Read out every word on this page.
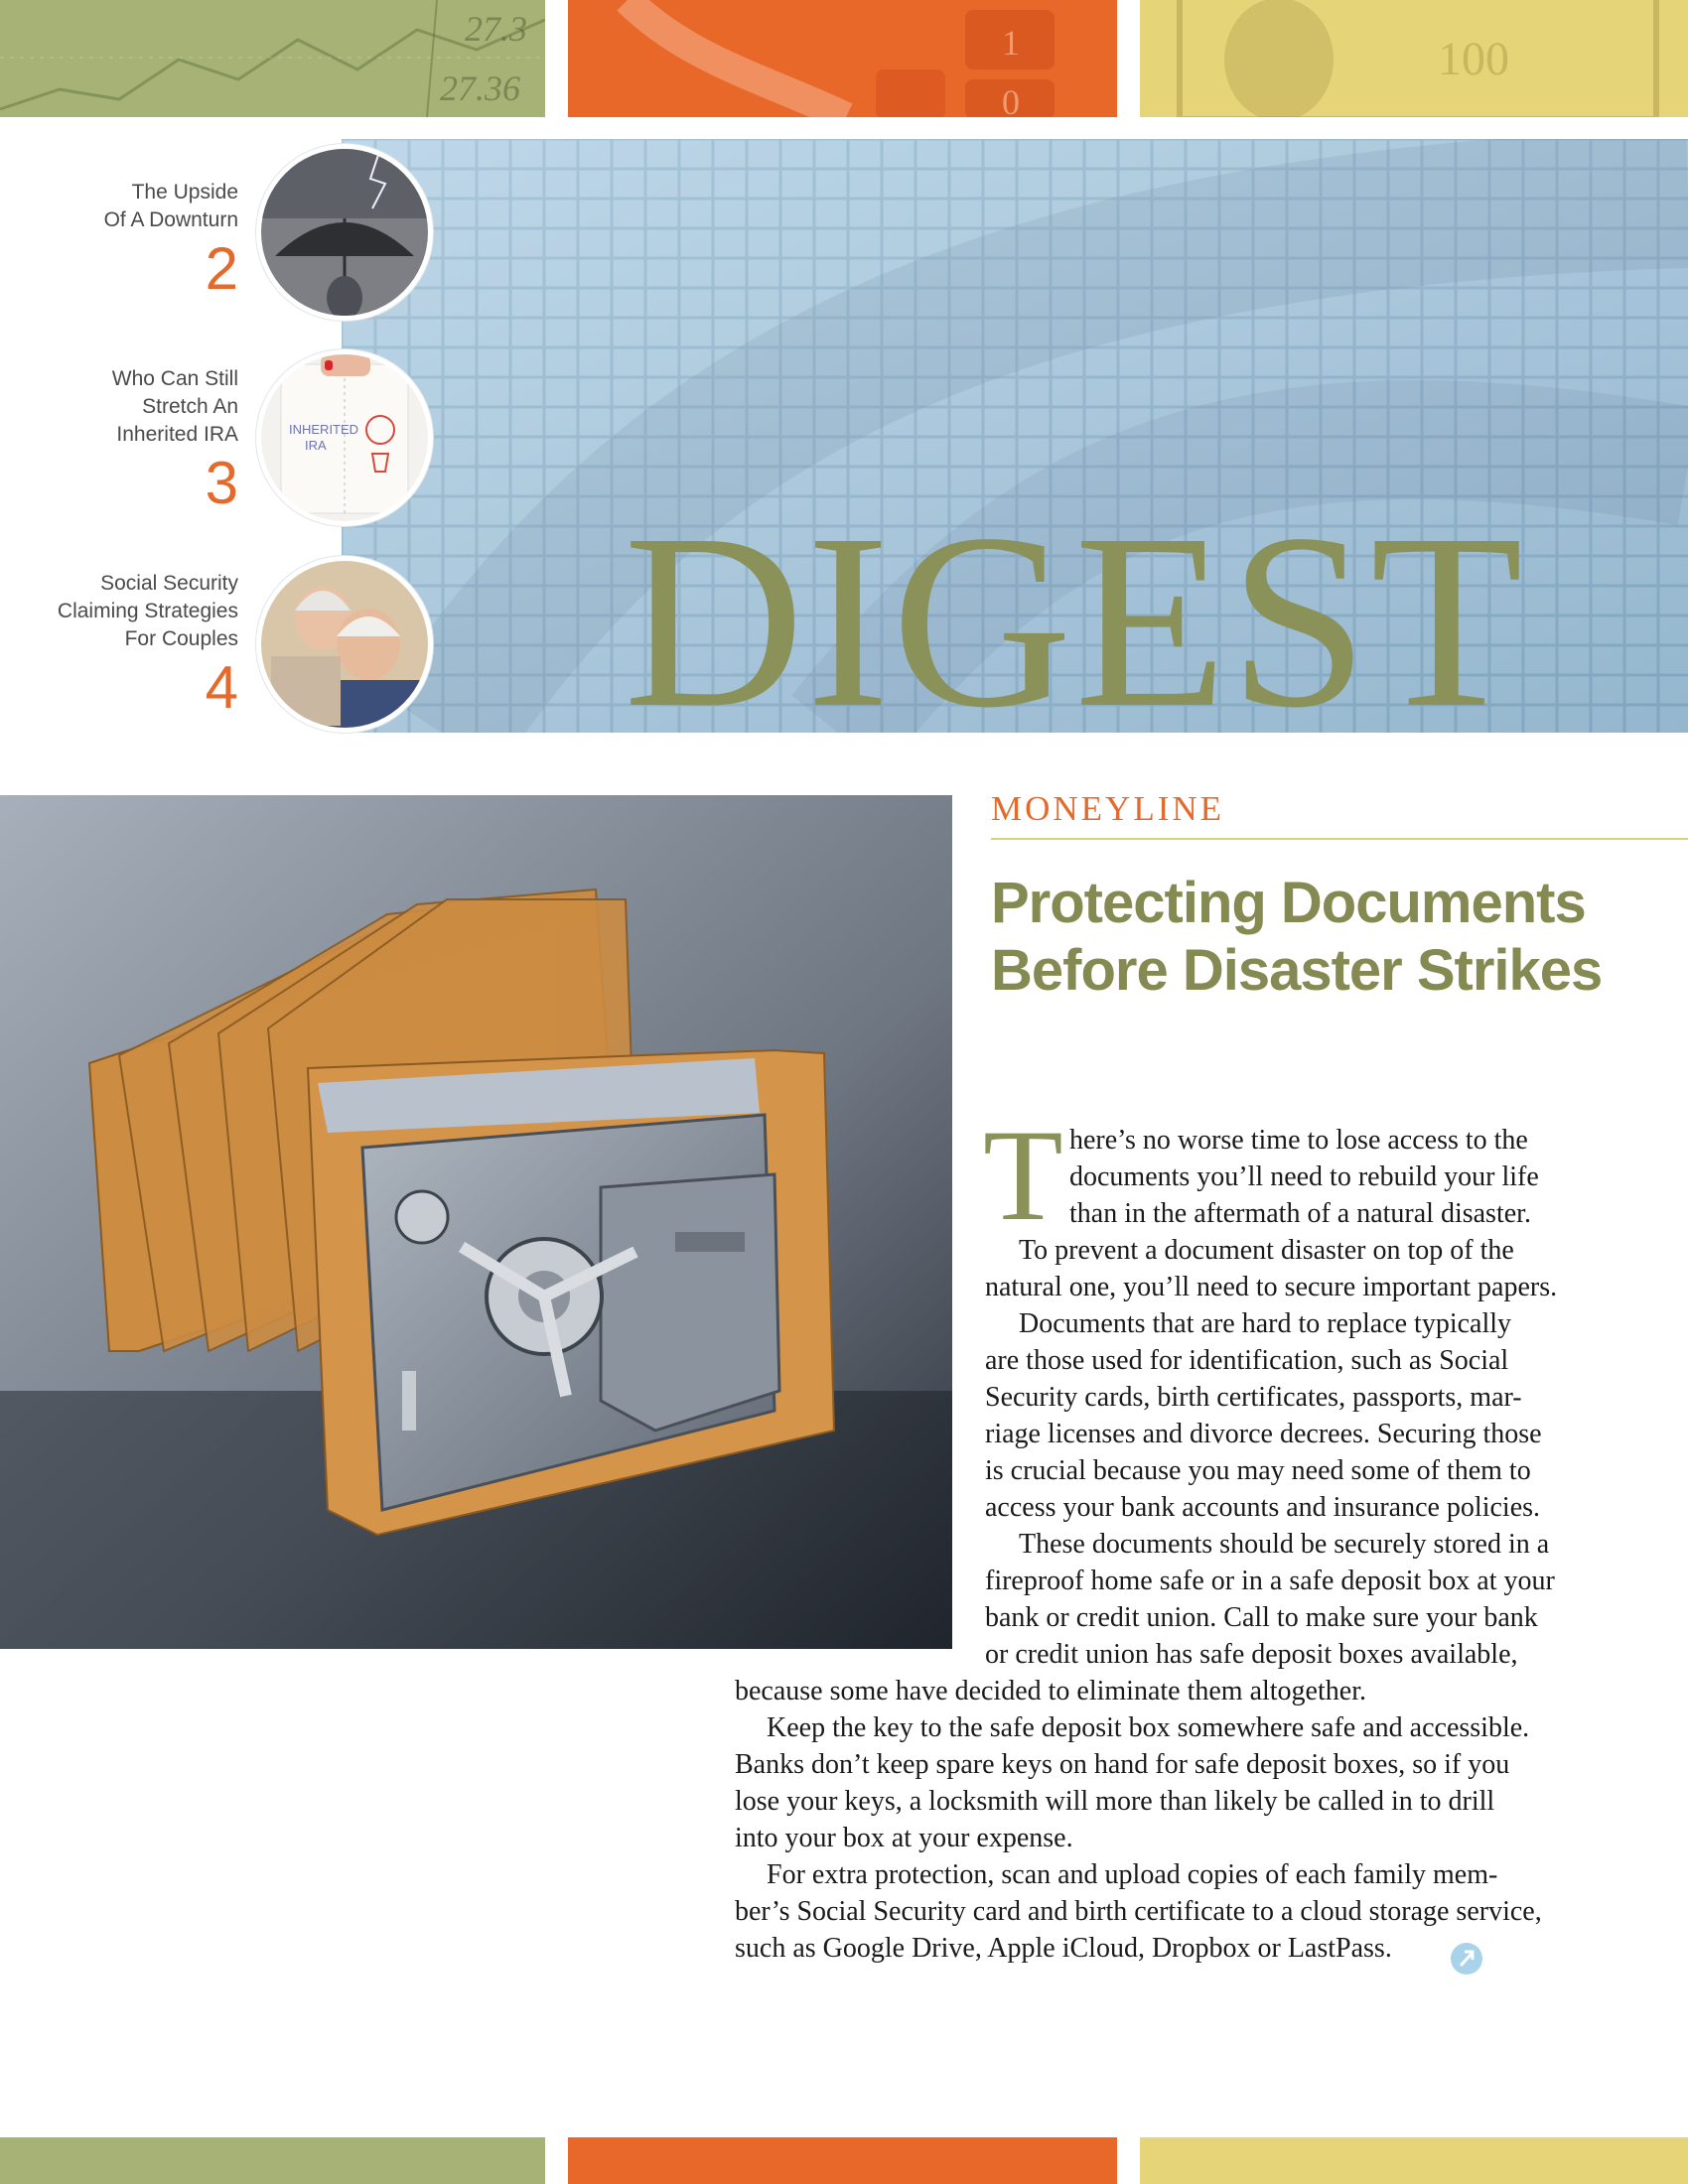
27.3
27.36
1
0
100
DIGEST
The Upside
Of A Downturn
2
Who Can Still
Stretch An
Inherited IRA
3
INHERITED
IRA
Social Security
Claiming Strategies
For Couples
4
MONEYLINE
Protecting Documents
Before Disaster Strikes
T here’s no worse time to lose access to the
documents you’ll need to rebuild your life
than in the aftermath of a natural disaster.
To prevent a document disaster on top of the
natural one, you’ll need to secure important papers.
Documents that are hard to replace typically
are those used for identification, such as Social
Security cards, birth certificates, passports, mar-
riage licenses and divorce decrees. Securing those
is crucial because you may need some of them to
access your bank accounts and insurance policies.
These documents should be securely stored in a
fireproof home safe or in a safe deposit box at your
bank or credit union. Call to make sure your bank
or credit union has safe deposit boxes available,
because some have decided to eliminate them altogether.
Keep the key to the safe deposit box somewhere safe and accessible.
Banks don’t keep spare keys on hand for safe deposit boxes, so if you
lose your keys, a locksmith will more than likely be called in to drill
into your box at your expense.
For extra protection, scan and upload copies of each family mem-
ber’s Social Security card and birth certificate to a cloud storage service,
such as Google Drive, Apple iCloud, Dropbox or LastPass.
